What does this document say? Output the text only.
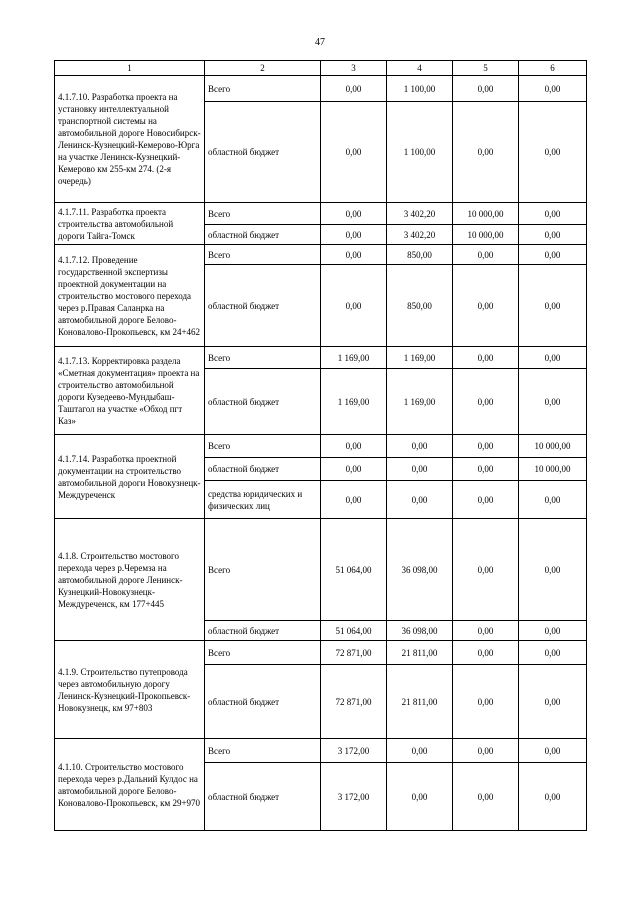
47
1	2	3	4	5	6
4.1.7.10. Разработка проекта на установку интеллектуальной транспортной системы на автомобильной дороге Новосибирск-Ленинск-Кузнецкий-Кемерово-Юрга на участке Ленинск-Кузнецкий-Кемерово км 255-км 274. (2-я очередь)	Всего	0,00	1 100,00	0,00	0,00
	областной бюджет	0,00	1 100,00	0,00	0,00
4.1.7.11. Разработка проекта строительства автомобильной дороги Тайга-Томск	Всего	0,00	3 402,20	10 000,00	0,00
	областной бюджет	0,00	3 402,20	10 000,00	0,00
4.1.7.12. Проведение государственной экспертизы проектной документации на строительство мостового перехода через р.Правая Саланрка на автомобильной дороге Белово-Коновалово-Прокопьевск, км 24+462	Всего	0,00	850,00	0,00	0,00
	областной бюджет	0,00	850,00	0,00	0,00
4.1.7.13. Корректировка раздела «Сметная документация» проекта на строительство автомобильной дороги Кузедеево-Мундыбаш-Таштагол на участке «Обход пгт Каз»	Всего	1 169,00	1 169,00	0,00	0,00
	областной бюджет	1 169,00	1 169,00	0,00	0,00
4.1.7.14. Разработка проектной документации на строительство автомобильной дороги Новокузнецк-Междуреченск	Всего	0,00	0,00	0,00	10 000,00
	областной бюджет	0,00	0,00	0,00	10 000,00
	средства юридических и физических лиц	0,00	0,00	0,00	0,00
4.1.8. Строительство мостового перехода через р.Черемза на автомобильной дороге Ленинск-Кузнецкий-Новокузнецк-Междуреченск, км 177+445	Всего	51 064,00	36 098,00	0,00	0,00
	областной бюджет	51 064,00	36 098,00	0,00	0,00
4.1.9. Строительство путепровода через автомобильную дорогу Ленинск-Кузнецкий-Прокопьевск-Новокузнецк, км 97+803	Всего	72 871,00	21 811,00	0,00	0,00
	областной бюджет	72 871,00	21 811,00	0,00	0,00
4.1.10. Строительство мостового перехода через р.Дальний Кулдос на автомобильной дороге Белово-Коновалово-Прокопьевск, км 29+970	Всего	3 172,00	0,00	0,00	0,00
	областной бюджет	3 172,00	0,00	0,00	0,00
